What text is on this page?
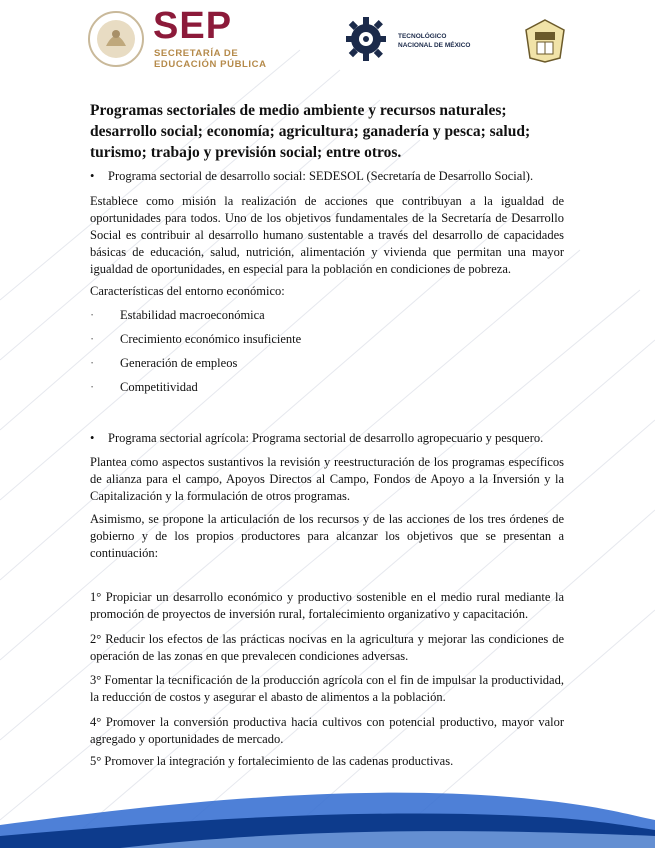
SEP
SECRETARÍA DE
EDUCACIÓN PÚBLICA
TECNOLÓGICO
NACIONAL DE MÉXICO
Programas sectoriales de medio ambiente y recursos naturales; desarrollo social; economía; agricultura; ganadería y pesca; salud; turismo; trabajo y previsión social; entre otros.
• Programa sectorial de desarrollo social: SEDESOL (Secretaría de Desarrollo Social).
Establece como misión la realización de acciones que contribuyan a la igualdad de oportunidades para todos. Uno de los objetivos fundamentales de la Secretaría de Desarrollo Social es contribuir al desarrollo humano sustentable a través del desarrollo de capacidades básicas de educación, salud, nutrición, alimentación y vivienda que permitan una mayor igualdad de oportunidades, en especial para la población en condiciones de pobreza.
Características del entorno económico:
· Estabilidad macroeconómica
· Crecimiento económico insuficiente
· Generación de empleos
· Competitividad
• Programa sectorial agrícola: Programa sectorial de desarrollo agropecuario y pesquero.
Plantea como aspectos sustantivos la revisión y reestructuración de los programas específicos de alianza para el campo, Apoyos Directos al Campo, Fondos de Apoyo a la Inversión y la Capitalización y la formulación de otros programas.
Asimismo, se propone la articulación de los recursos y de las acciones de los tres órdenes de gobierno y de los propios productores para alcanzar los objetivos que se presentan a continuación:
1° Propiciar un desarrollo económico y productivo sostenible en el medio rural mediante la promoción de proyectos de inversión rural, fortalecimiento organizativo y capacitación.
2° Reducir los efectos de las prácticas nocivas en la agricultura y mejorar las condiciones de operación de las zonas en que prevalecen condiciones adversas.
3° Fomentar la tecnificación de la producción agrícola con el fin de impulsar la productividad, la reducción de costos y asegurar el abasto de alimentos a la población.
4° Promover la conversión productiva hacia cultivos con potencial productivo, mayor valor agregado y oportunidades de mercado.
5° Promover la integración y fortalecimiento de las cadenas productivas.
